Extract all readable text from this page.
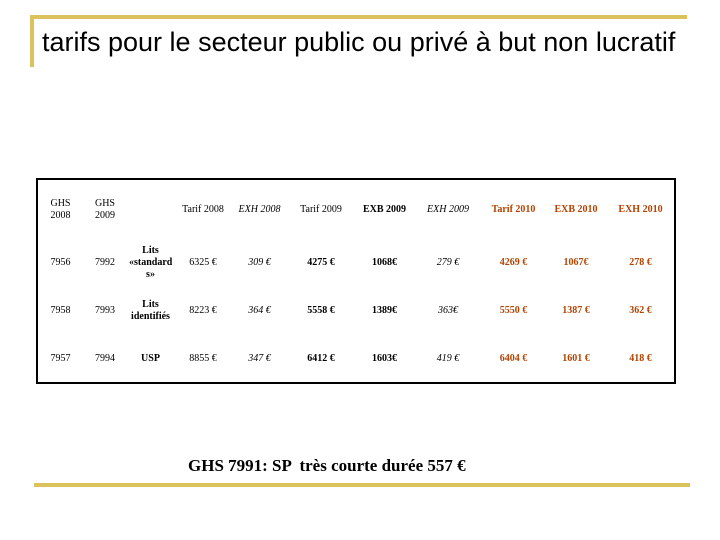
tarifs pour le secteur public ou privé à but non lucratif
GHS 2008	GHS 2009		Tarif 2008	EXH 2008	Tarif 2009	EXB 2009	EXH 2009	Tarif 2010	EXB 2010	EXH 2010
7956	7992	Lits «standard s»	6325 €	309 €	4275 €	1068€	279 €	4269 €	1067€	278 €
7958	7993	Lits identifiés	8223 €	364 €	5558 €	1389€	363€	5550 €	1387 €	362 €
7957	7994	USP	8855 €	347 €	6412 €	1603€	419 €	6404 €	1601 €	418 €
GHS 7991: SP  très courte durée 557 €
